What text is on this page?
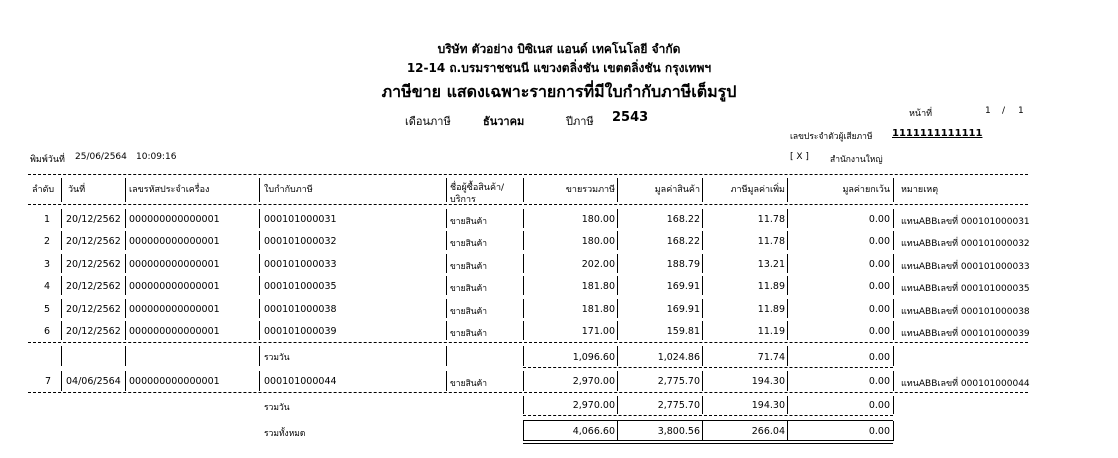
บริษัท ตัวอย่าง บิซิเนส แอนด์ เทคโนโลยี จำกัด
12-14 ถ.บรมราชชนนี แขวงตลิ่งชัน เขตตลิ่งชัน กรุงเทพฯ
ภาษีขาย แสดงเฉพาะรายการที่มีใบกำกับภาษีเต็มรูป
เดือนภาษี	ธันวาคม	ปีภาษี 2543	หน้าที่	1 / 1
เลขประจำตัวผู้เสียภาษี 1111111111111
พิมพ์วันที่ 25/06/2564 10:09:16	[ X ] สำนักงานใหญ่
ลำดับ วันที่	เลขรหัสประจำเครื่อง	ใบกำกับภาษี	ชื่อผู้ซื้อสินค้า/
บริการ
ขายรวมภาษี	มูลค่าสินค้า	ภาษีมูลค่าเพิ่ม	มูลค่ายกเว้น หมายเหตุ
1 20/12/2562 000000000000001	000101000031	ขายสินค้า	180.00	168.22	11.78	0.00 แทนABBเลขที่ 000101000031
2 20/12/2562 000000000000001	000101000032	ขายสินค้า	180.00	168.22	11.78	0.00 แทนABBเลขที่ 000101000032
3 20/12/2562 000000000000001	000101000033	ขายสินค้า	202.00	188.79	13.21	0.00 แทนABBเลขที่ 000101000033
4 20/12/2562 000000000000001	000101000035	ขายสินค้า	181.80	169.91	11.89	0.00 แทนABBเลขที่ 000101000035
5 20/12/2562 000000000000001	000101000038	ขายสินค้า	181.80	169.91	11.89	0.00 แทนABBเลขที่ 000101000038
6 20/12/2562 000000000000001	000101000039	ขายสินค้า	171.00	159.81	11.19	0.00 แทนABBเลขที่ 000101000039
รวมวัน	1,096.60	1,024.86	71.74	0.00
7 04/06/2564 000000000000001	000101000044	ขายสินค้า	2,970.00	2,775.70	194.30	0.00 แทนABBเลขที่ 000101000044
รวมวัน	2,970.00	2,775.70	194.30	0.00
รวมทั้งหมด	4,066.60	3,800.56	266.04	0.00
